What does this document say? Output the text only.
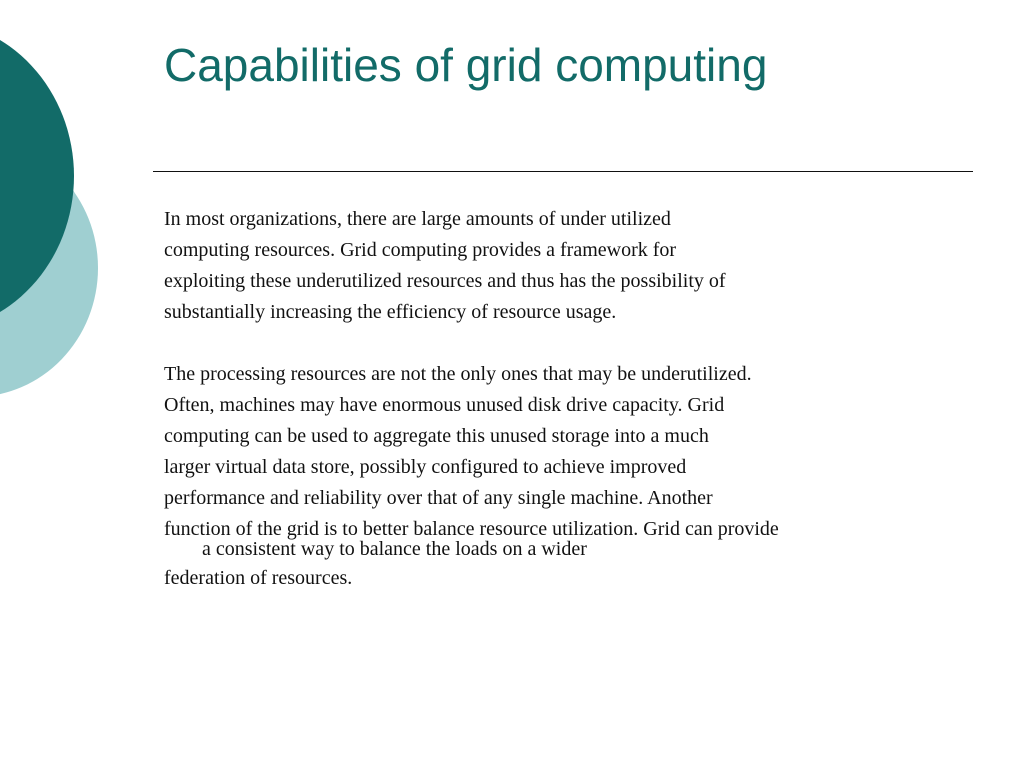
Capabilities of grid computing
In most organizations, there are large amounts of under utilized
computing resources. Grid computing provides a framework for
exploiting these underutilized resources and thus has the possibility of
substantially increasing the efficiency of resource usage.
The processing resources are not the only ones that may be underutilized.
Often, machines may have enormous unused disk drive capacity. Grid
computing can be used to aggregate this unused storage into a much
larger virtual data store, possibly configured to achieve improved
performance and reliability over that of any single machine. Another
function of the grid is to better balance resource utilization. Grid can provide
a consistent way to balance the loads on a wider
federation of resources.
